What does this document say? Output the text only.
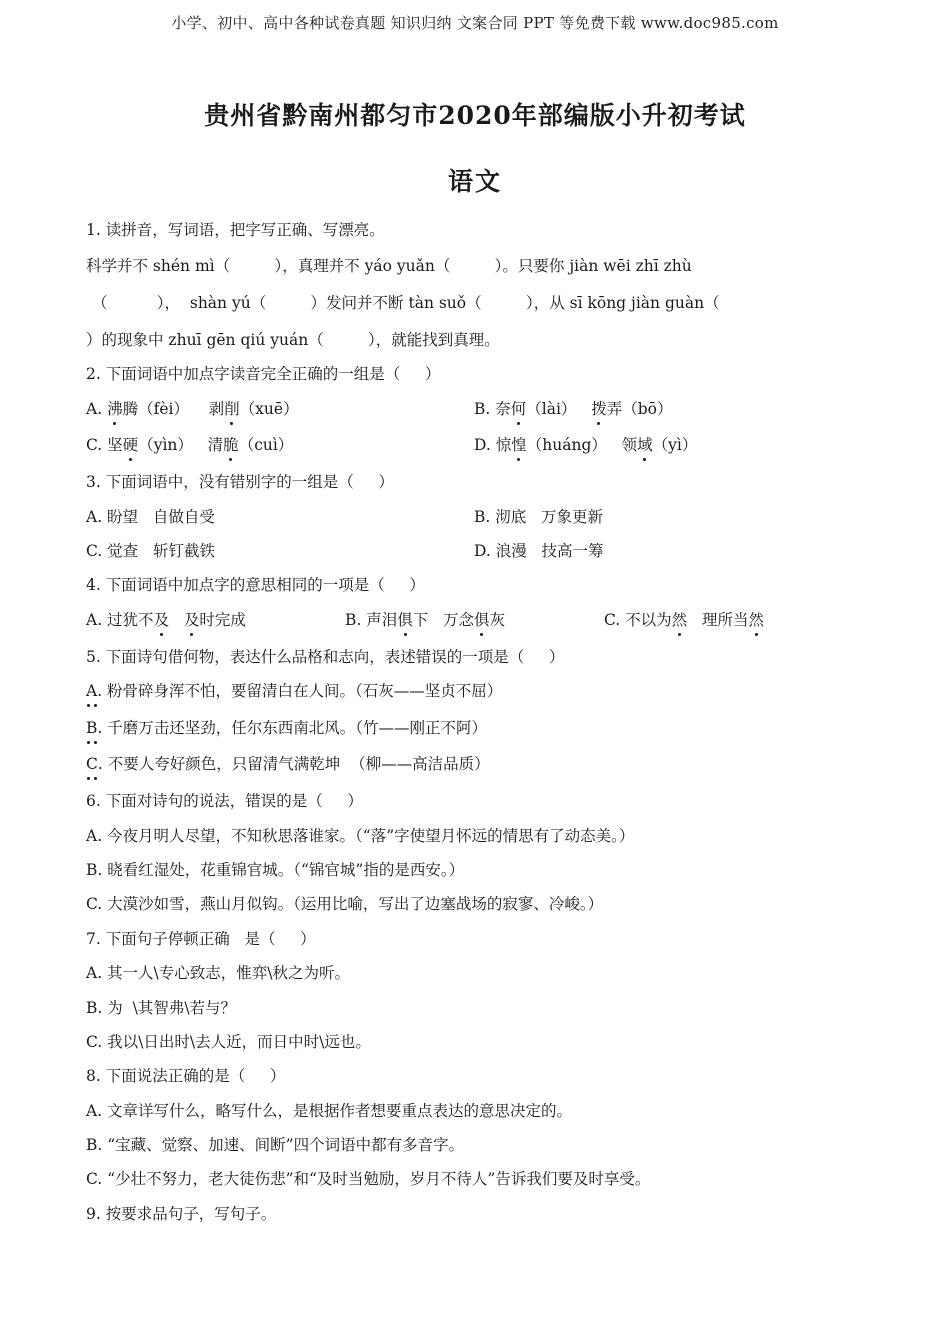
小学、初中、高中各种试卷真题 知识归纳 文案合同 PPT 等免费下载 www.doc985.com
贵州省黔南州都匀市2020年部编版小升初考试
语文
1. 读拼音，写词语，把字写正确、写漂亮。
科学并不 shén mì（         ），真理并不 yáo yuǎn（         ）。只要你 jiàn wēi zhī zhù
（          ），  shàn yú（         ）发问并不断 tàn suǒ（         ），从 sī kōng jiàn guàn（
）的现象中 zhuī gēn qiú yuán（         ），就能找到真理。
2. 下面词语中加点字读音完全正确的一组是（     ）
A. 沸腾（fèi）    剥削（xuē）	B. 奈何（lài）   拨弄（bō）
C. 坚硬（yìn）   清脆（cuì）	D. 惊惶（huáng）   领域（yì）
3. 下面词语中，没有错别字的一组是（     ）
A. 盼望   自做自受	B. 沏底   万象更新
C. 觉查   斩钉截铁	D. 浪漫   技高一筹
4. 下面词语中加点字的意思相同的一项是（     ）
A. 过犹不及 及时完成	B. 声泪俱下   万念俱灰	C. 不以为然   理所当然
5. 下面诗句借何物，表达什么品格和志向，表述错误的一项是（     ）
A. 粉骨碎身浑不怕，要留清白在人间。（石灰——坚贞不屈）
B. 千磨万击还坚劲，任尔东西南北风。（竹——刚正不阿）
C. 不要人夸好颜色，只留清气满乾坤  （柳——高洁品质）
6. 下面对诗句的说法，错误的是（     ）
A. 今夜月明人尽望，不知秋思落谁家。（“落”字使望月怀远的情思有了动态美。）
B. 晓看红湿处，花重锦官城。（“锦官城”指的是西安。）
C. 大漠沙如雪，燕山月似钩。（运用比喻，写出了边塞战场的寂寥、冷峻。）
7. 下面句子停顿正确   是（     ）
A. 其一人\专心致志，惟弈\秋之为听。
B. 为  \其智弗\若与？
C. 我以\日出时\去人近，而日中时\远也。
8. 下面说法正确的是（     ）
A. 文章详写什么，略写什么，是根据作者想要重点表达的意思决定的。
B. “宝藏、觉察、加速、间断”四个词语中都有多音字。
C. “少壮不努力，老大徒伤悲”和“及时当勉励，岁月不待人”告诉我们要及时享受。
9. 按要求品句子，写句子。
